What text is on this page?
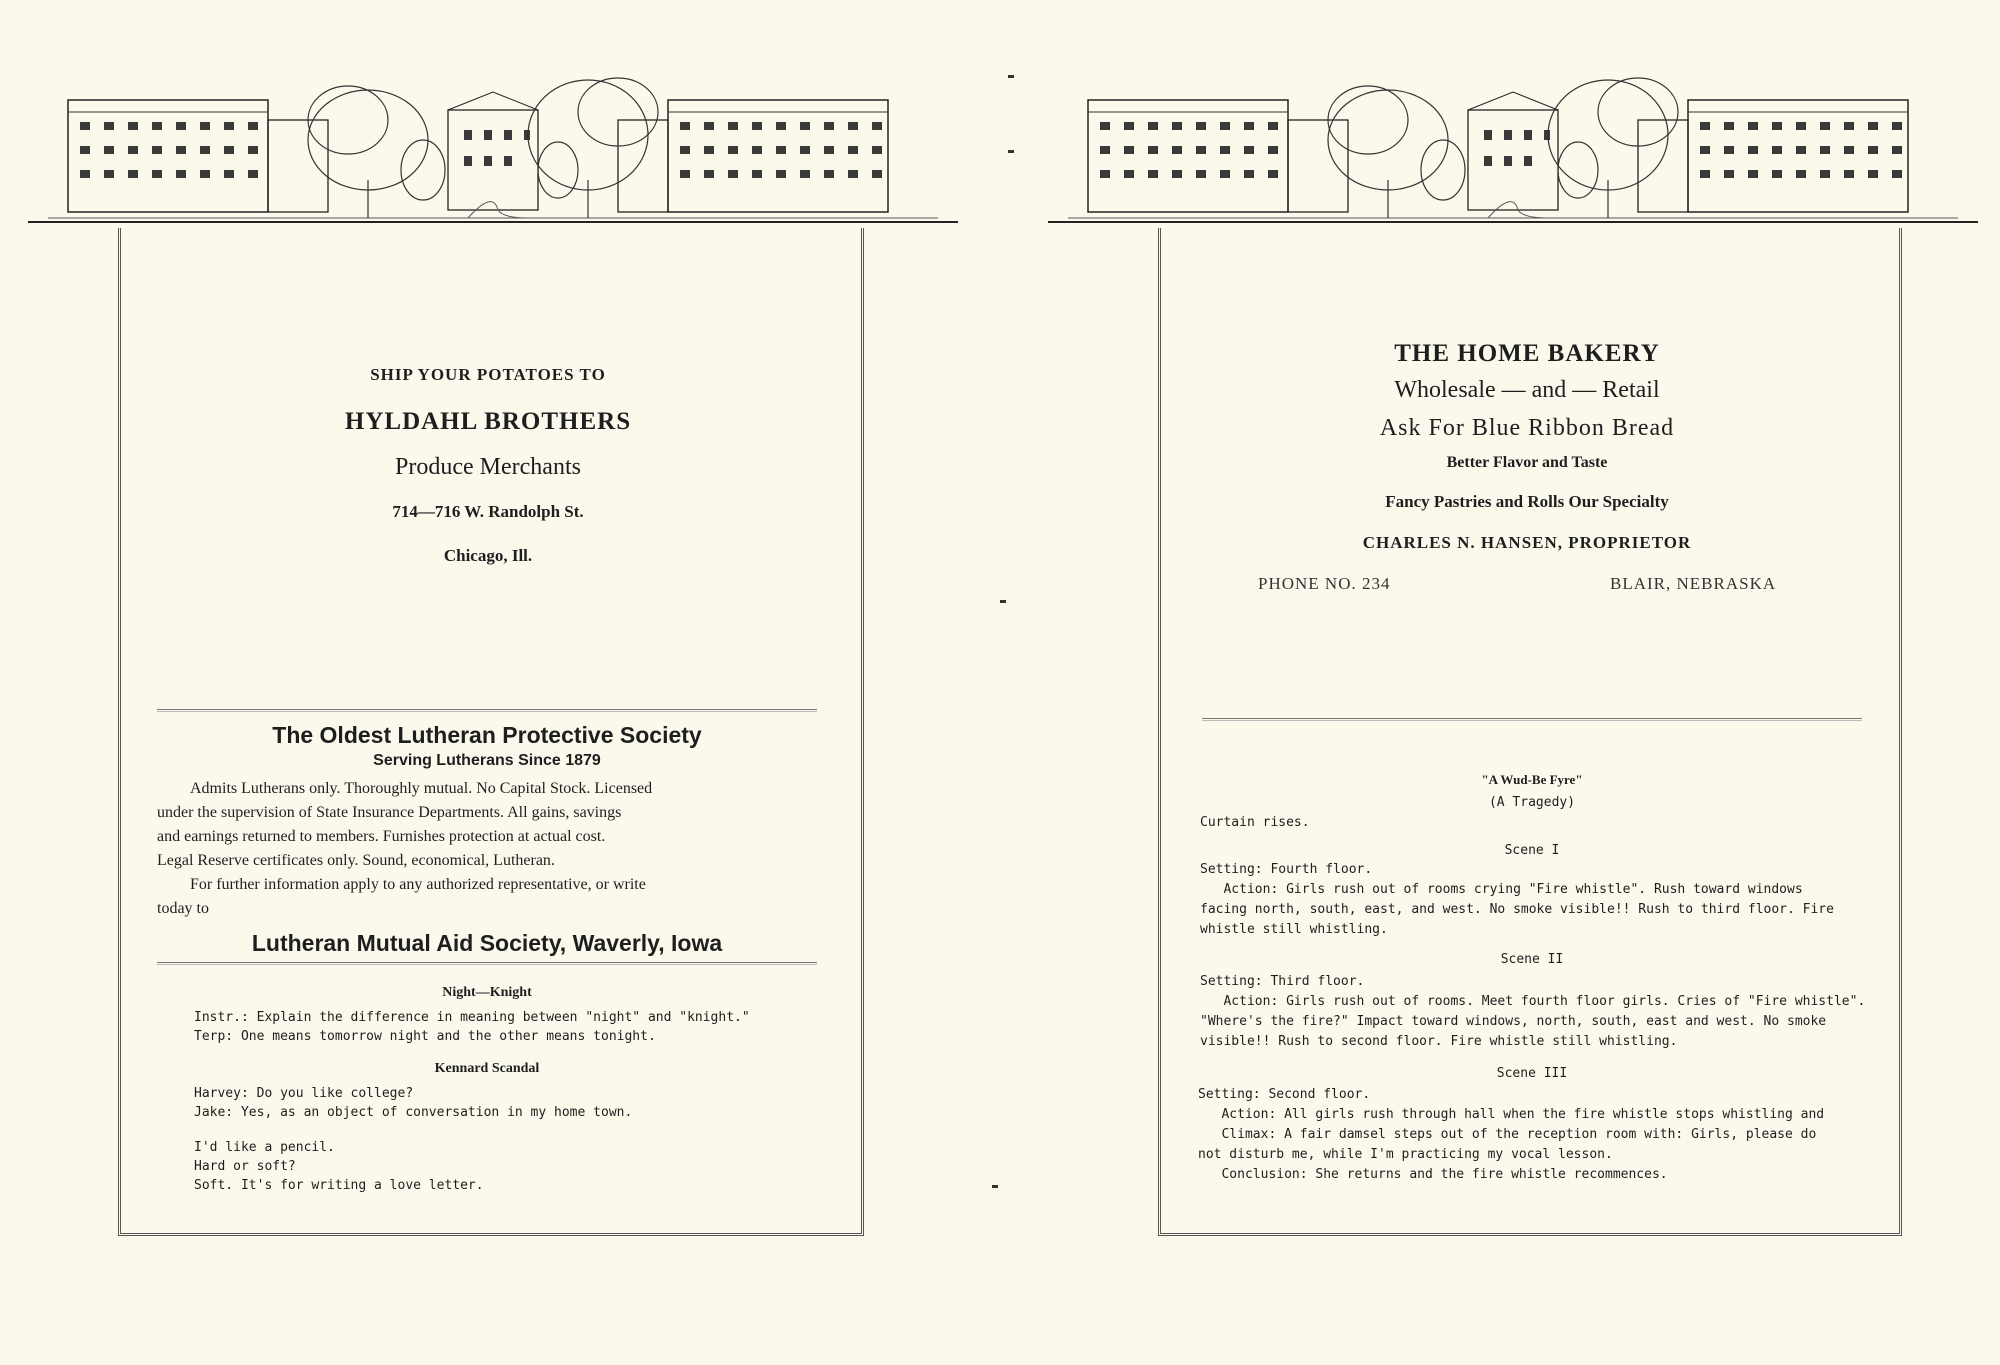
SHIP YOUR POTATOES TO
HYLDAHL BROTHERS
Produce Merchants
714—716 W. Randolph St.
Chicago, Ill.
The Oldest Lutheran Protective Society
Serving Lutherans Since 1879
Admits Lutherans only. Thoroughly mutual. No Capital Stock. Licensed
under the supervision of State Insurance Departments. All gains, savings
and earnings returned to members. Furnishes protection at actual cost.
Legal Reserve certificates only. Sound, economical, Lutheran.
For further information apply to any authorized representative, or write
today to
Lutheran Mutual Aid Society, Waverly, Iowa
Night—Knight
Instr.: Explain the difference in meaning between "night" and "knight."
Terp: One means tomorrow night and the other means tonight.
Kennard Scandal
Harvey: Do you like college?
Jake: Yes, as an object of conversation in my home town.
I'd like a pencil.
Hard or soft?
Soft. It's for writing a love letter.
THE HOME BAKERY
Wholesale — and — Retail
Ask For Blue Ribbon Bread
Better Flavor and Taste
Fancy Pastries and Rolls Our Specialty
CHARLES N. HANSEN, PROPRIETOR
PHONE NO. 234	BLAIR, NEBRASKA
"A Wud-Be Fyre"
(A Tragedy)
Curtain rises.
Scene I
Setting: Fourth floor.
Action: Girls rush out of rooms crying "Fire whistle". Rush toward windows
facing north, south, east, and west. No smoke visible!! Rush to third floor. Fire
whistle still whistling.
Scene II
Setting: Third floor.
Action: Girls rush out of rooms. Meet fourth floor girls. Cries of "Fire whistle".
"Where's the fire?" Impact toward windows, north, south, east and west. No smoke
visible!! Rush to second floor. Fire whistle still whistling.
Scene III
Setting: Second floor.
Action: All girls rush through hall when the fire whistle stops whistling and
Climax: A fair damsel steps out of the reception room with: Girls, please do
not disturb me, while I'm practicing my vocal lesson.
Conclusion: She returns and the fire whistle recommences.
